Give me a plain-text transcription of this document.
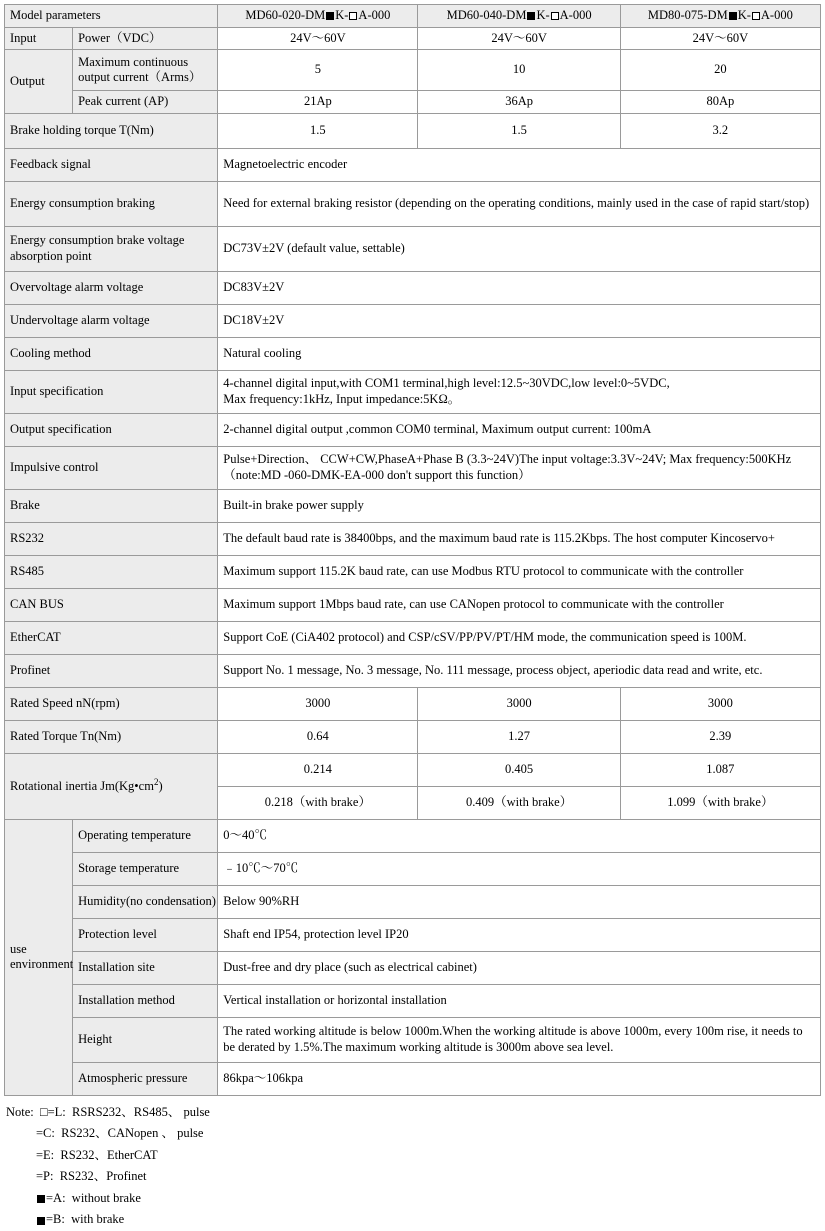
Model parameters		MD60-020-DM K- A-000	MD60-040-DM K- A-000	MD80-075-DM K- A-000
Input	Power（VDC）	24V～60V	24V～60V	24V～60V
Output	Maximum continuous output current（Arms）	5	10	20
	Peak current (AP)	21Ap	36Ap	80Ap
Brake holding torque T(Nm)		1.5	1.5	3.2
Feedback signal		Magnetoelectric encoder		
Energy consumption braking		Need for external braking resistor (depending on the operating conditions, mainly used in the case of rapid start/stop)		
Energy consumption brake voltage absorption point		DC73V±2V (default value, settable)		
Overvoltage alarm voltage		DC83V±2V		
Undervoltage alarm voltage		DC18V±2V		
Cooling method		Natural cooling		
Input specification		4-channel digital input,with COM1 terminal,high level:12.5~30VDC,low level:0~5VDC,
Max frequency:1kHz, Input impedance:5KΩ。		

Output specification		2-channel digital output ,common COM0 terminal, Maximum output current: 100mA		
Impulsive control		Pulse+Direction、 CCW+CW,PhaseA+Phase B (3.3~24V)The input voltage:3.3V~24V; Max frequency:500KHz
（note:MD -060-DMK-EA-000 don't support this function）		

Brake		Built-in brake power supply		
RS232		The default baud rate is 38400bps, and the maximum baud rate is 115.2Kbps. The host computer Kincoservo+		
RS485		Maximum support 115.2K baud rate, can use Modbus RTU protocol to communicate with the controller		
CAN BUS		Maximum support 1Mbps baud rate, can use CANopen protocol to communicate with the controller		
EtherCAT		Support CoE (CiA402 protocol) and CSP/cSV/PP/PV/PT/HM mode, the communication speed is 100M.		
Profinet		Support No. 1 message, No. 3 message, No. 111 message, process object, aperiodic data read and write, etc.		
Rated Speed nN(rpm)		3000	3000	3000
Rated Torque Tn(Nm)		0.64	1.27	2.39
Rotational inertia $Jm(Kg•cm^2)$		0.214	0.405	1.087
		0.218（with brake）	0.409（with brake）	1.099（with brake）
use environment	Operating temperature	0～40℃		
	Storage temperature	﹣10℃～70℃		
	Humidity(no condensation)	Below 90%RH		
	Protection level	Shaft end IP54, protection level IP20		
	Installation site	Dust-free and dry place (such as electrical cabinet)		
	Installation method	Vertical installation or horizontal installation		
	Height	The rated working altitude is below 1000m.When the working altitude is above 1000m, every 100m rise, it needs to be derated by 1.5%.The maximum working altitude is 3000m above sea level.		
	Atmospheric pressure	86kpa～106kpa		
Note:  □=L:  RSRS232、RS485、 pulse
=C:  RS232、CANopen 、 pulse
=E:  RS232、EtherCAT
=P:  RS232、Profinet
=A:  without brake
=B:  with brake
